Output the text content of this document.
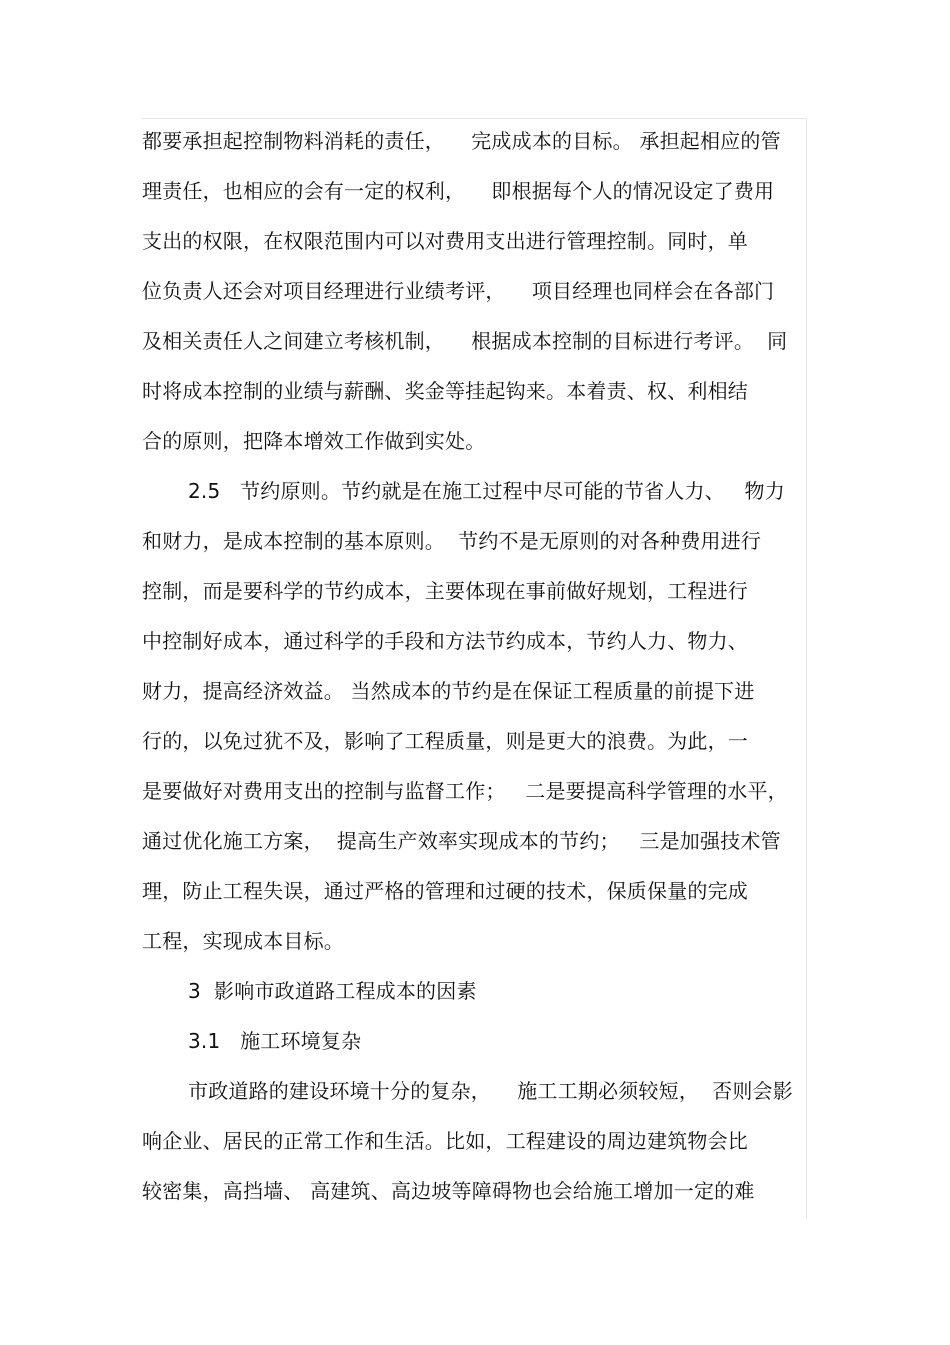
都要承担起控制物料消耗的责任，    完成成本的目标。 承担起相应的管
理责任，也相应的会有一定的权利，    即根据每个人的情况设定了费用
支出的权限，在权限范围内可以对费用支出进行管理控制。同时，单
位负责人还会对项目经理进行业绩考评，    项目经理也同样会在各部门
及相关责任人之间建立考核机制，    根据成本控制的目标进行考评。  同
时将成本控制的业绩与薪酬、奖金等挂起钩来。本着责、权、利相结
合的原则，把降本增效工作做到实处。
2.5   节约原则。节约就是在施工过程中尽可能的节省人力、   物力
和财力，是成本控制的基本原则。  节约不是无原则的对各种费用进行
控制，而是要科学的节约成本，主要体现在事前做好规划，工程进行
中控制好成本，通过科学的手段和方法节约成本，节约人力、物力、
财力，提高经济效益。 当然成本的节约是在保证工程质量的前提下进
行的，以免过犹不及，影响了工程质量，则是更大的浪费。为此，一
是要做好对费用支出的控制与监督工作；   二是要提高科学管理的水平，
通过优化施工方案，  提高生产效率实现成本的节约；   三是加强技术管
理，防止工程失误，通过严格的管理和过硬的技术，保质保量的完成
工程，实现成本目标。
3  影响市政道路工程成本的因素
3.1   施工环境复杂
市政道路的建设环境十分的复杂，    施工工期必须较短，  否则会影
响企业、居民的正常工作和生活。比如，工程建设的周边建筑物会比
较密集，高挡墙、 高建筑、高边坡等障碍物也会给施工增加一定的难
